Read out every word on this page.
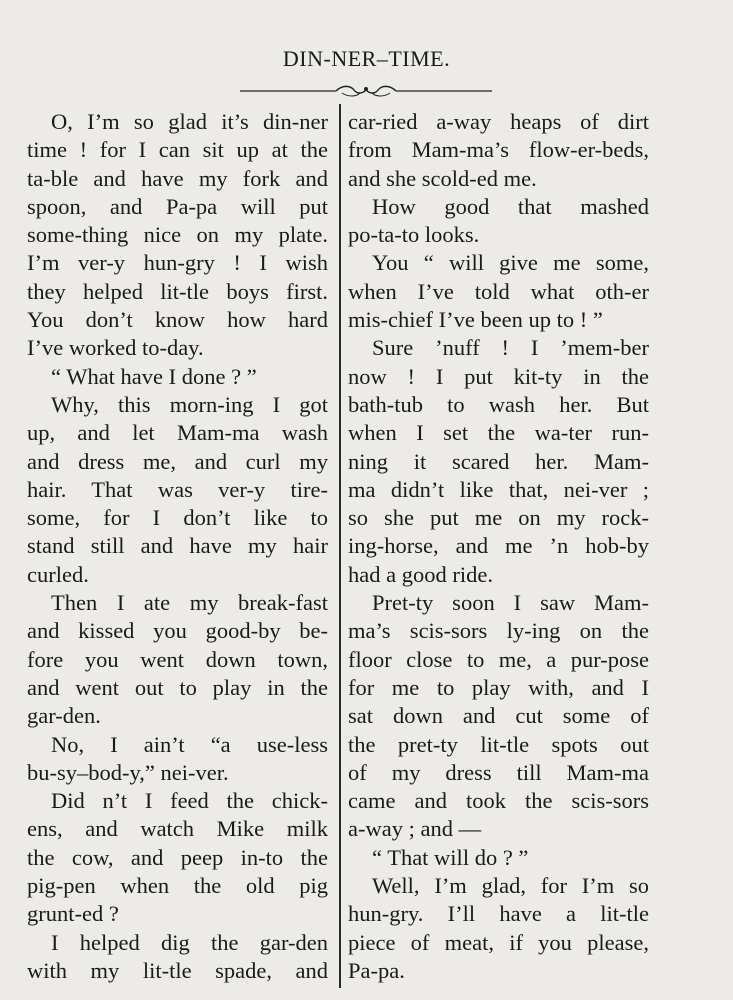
DIN-NER–TIME.
O, I’m so glad it’s din-ner
time ! for I can sit up at the
ta-ble and have my fork and
spoon, and Pa-pa will put
some-thing nice on my plate.
I’m ver-y hun-gry ! I wish
they helped lit-tle boys first.
You don’t know how hard
I’ve worked to-day.
“ What have I done ? ”
Why, this morn-ing I got
up, and let Mam-ma wash
and dress me, and curl my
hair. That was ver-y tire-
some, for I don’t like to
stand still and have my hair
curled.
Then I ate my break-fast
and kissed you good-by be-
fore you went down town,
and went out to play in the
gar-den.
No, I ain’t “a use-less
bu-sy–bod-y,” nei-ver.
Did n’t I feed the chick-
ens, and watch Mike milk
the cow, and peep in-to the
pig-pen when the old pig
grunt-ed ?
I helped dig the gar-den
with my lit-tle spade, and
car-ried a-way heaps of dirt
from Mam-ma’s flow-er-beds,
and she scold-ed me.
How good that mashed
po-ta-to looks.
You “ will give me some,
when I’ve told what oth-er
mis-chief I’ve been up to ! ”
Sure ’nuff ! I ’mem-ber
now ! I put kit-ty in the
bath-tub to wash her. But
when I set the wa-ter run-
ning it scared her. Mam-
ma didn’t like that, nei-ver ;
so she put me on my rock-
ing-horse, and me ’n hob-by
had a good ride.
Pret-ty soon I saw Mam-
ma’s scis-sors ly-ing on the
floor close to me, a pur-pose
for me to play with, and I
sat down and cut some of
the pret-ty lit-tle spots out
of my dress till Mam-ma
came and took the scis-sors
a-way ; and —
“ That will do ? ”
Well, I’m glad, for I’m so
hun-gry. I’ll have a lit-tle
piece of meat, if you please,
Pa-pa.
